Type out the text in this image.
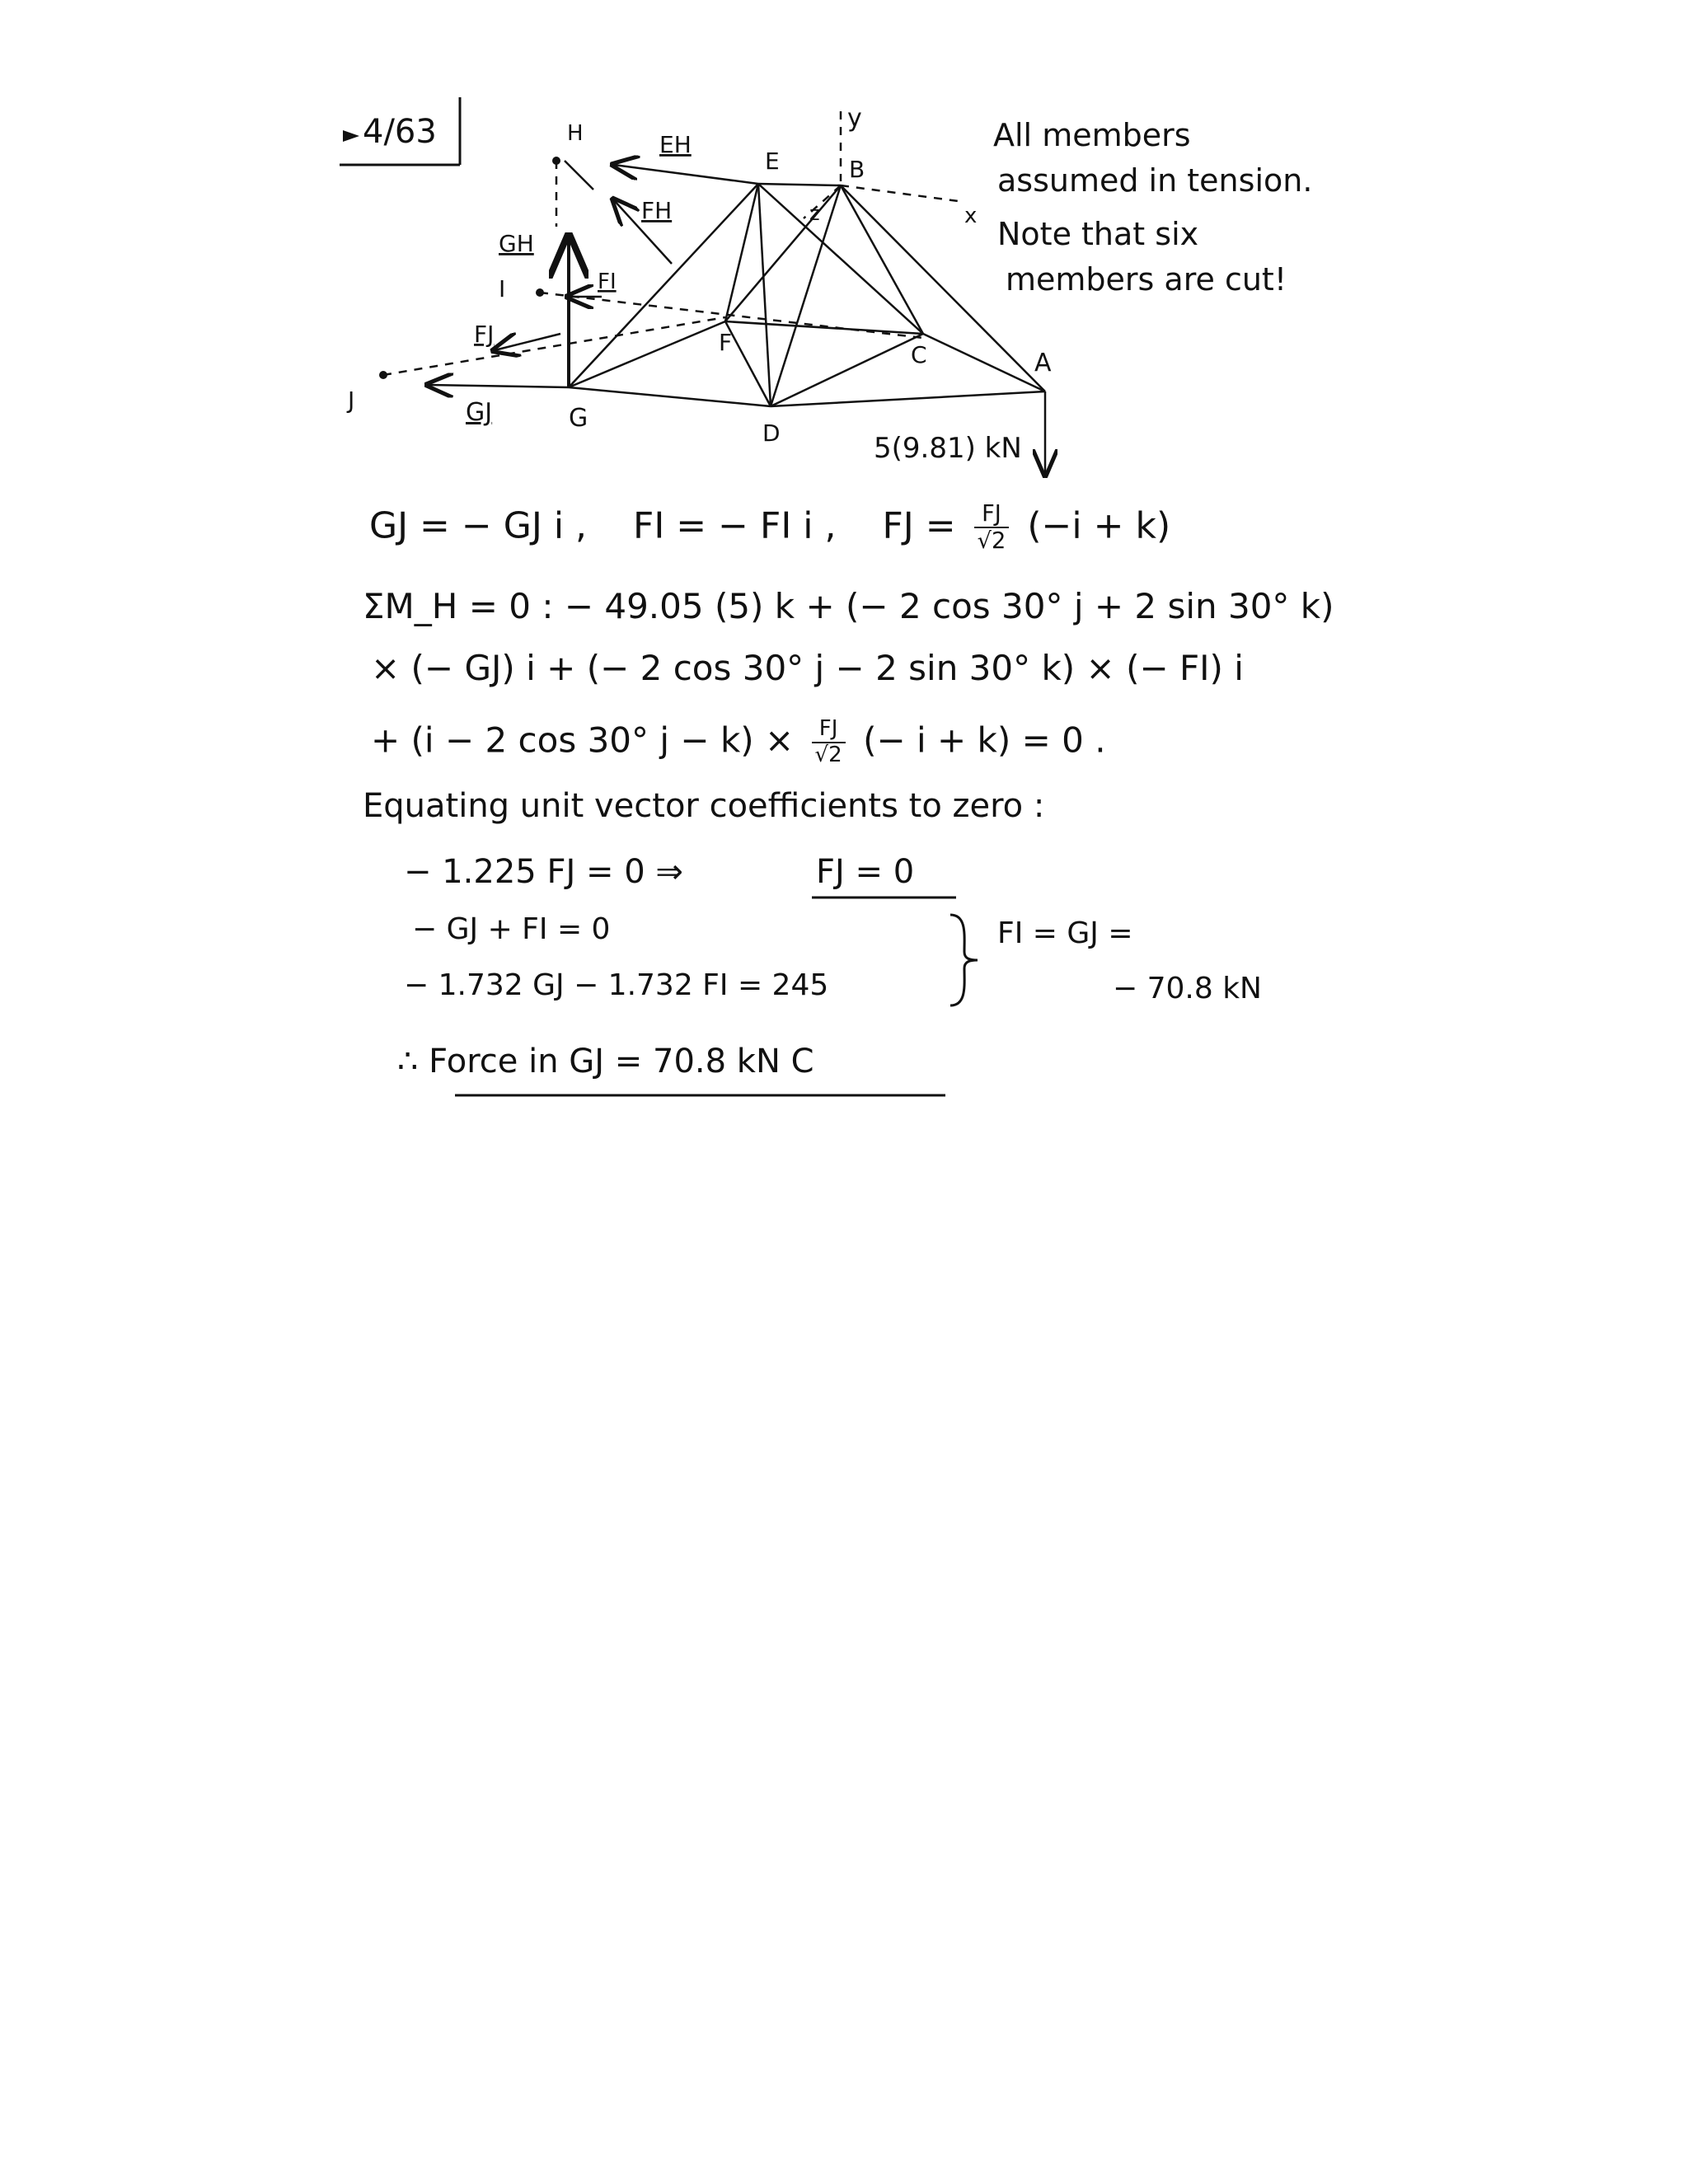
4/63	All members
assumed in tension.
Note that six
members are cut!
H
E	B
F	C	A
G
D
I
J
y
x
z
EH
FH
GH
FI
FJ
GJ
5(9.81) kN
GJ = − GJ i , FI = − FI i , FJ = $\frac{FJ}{√2} (-i + k)$
ΣM_H = 0 : − 49.05 (5) k + (− 2 cos 30° j + 2 sin 30° k)
× (− GJ) i + (− 2 cos 30° j − 2 sin 30° k) × (− FI) i
+ (i − 2 cos 30° $j - k) \times \frac{FJ}{√2}$ (− i + k) = 0 .
Equating unit vector coefficients to zero :
− 1.225 FJ = 0 ⇒	FJ = 0
− GJ + FI = 0
− 1.732 GJ − 1.732 FI = 245
FI = GJ =
− 70.8 kN
∴ Force in GJ = 70.8 kN C
